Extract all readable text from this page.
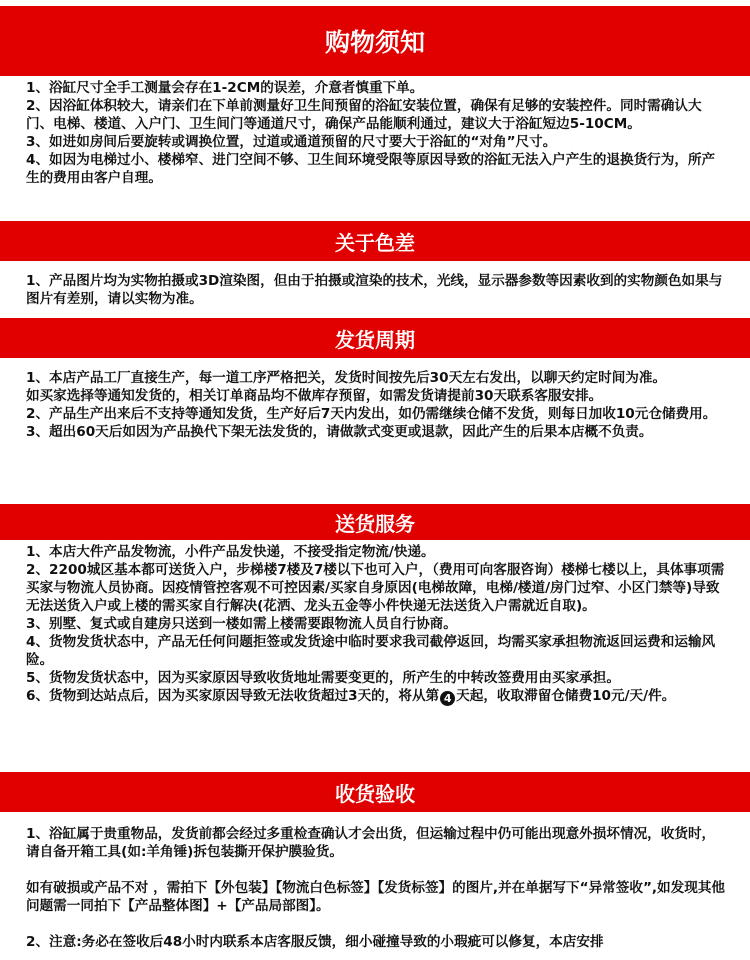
购物须知

1、浴缸尺寸全手工测量会存在1-2CM的误差，介意者慎重下单。

2、因浴缸体积较大，请亲们在下单前测量好卫生间预留的浴缸安装位置，确保有足够的安装控件。同时需确认大门、电梯、楼道、入户门、卫生间门等通道尺寸，确保产品能顺利通过，建议大于浴缸短边5-10CM。

3、如进如房间后要旋转或调换位置，过道或通道预留的尺寸要大于浴缸的“对角”尺寸。

4、如因为电梯过小、楼梯窄、进门空间不够、卫生间环境受限等原因导致的浴缸无法入户产生的退换货行为，所产生的费用由客户自理。

关于色差

1、产品图片均为实物拍摄或3D渲染图，但由于拍摄或渲染的技术，光线，显示器参数等因素收到的实物颜色如果与图片有差别，请以实物为准。

发货周期

1、本店产品工厂直接生产，每一道工序严格把关，发货时间按先后30天左右发出，以聊天约定时间为准。

如买家选择等通知发货的，相关订单商品均不做库存预留，如需发货请提前30天联系客服安排。

2、产品生产出来后不支持等通知发货，生产好后7天内发出，如仍需继续仓储不发货，则每日加收10元仓储费用。

3、超出60天后如因为产品换代下架无法发货的，请做款式变更或退款，因此产生的后果本店概不负责。

送货服务

1、本店大件产品发物流，小件产品发快递，不接受指定物流/快递。

2、2200城区基本都可送货入户，步梯楼7楼及7楼以下也可入户，（费用可向客服咨询）楼梯七楼以上，具体事项需买家与物流人员协商。因疫情管控客观不可控因素/买家自身原因(电梯故障，电梯/楼道/房门过窄、小区门禁等)导致无法送货入户或上楼的需买家自行解决(花洒、龙头五金等小件快递无法送货入户需就近自取)。

3、别墅、复式或自建房只送到一楼如需上楼需要跟物流人员自行协商。

4、货物发货状态中，产品无任何问题拒签或发货途中临时要求我司截停返回，均需买家承担物流返回运费和运输风险。

5、货物发货状态中，因为买家原因导致收货地址需要变更的，所产生的中转改签费用由买家承担。

6、货物到达站点后，因为买家原因导致无法收货超过3天的，将从第 4 天起，收取滞留仓储费10元/天/件。

收货验收

1、浴缸属于贵重物品，发货前都会经过多重检查确认才会出货，但运输过程中仍可能出现意外损坏情况，收货时，请自备开箱工具(如:羊角锤)拆包装撕开保护膜验货。

如有破损或产品不对 ，需拍下【外包装】【物流白色标签】【发货标签】的图片,并在单据写下“异常签收”,如发现其他问题需一同拍下【产品整体图】+【产品局部图】。

2、注意:务必在签收后48小时内联系本店客服反馈，细小碰撞导致的小瑕疵可以修复，本店安排
